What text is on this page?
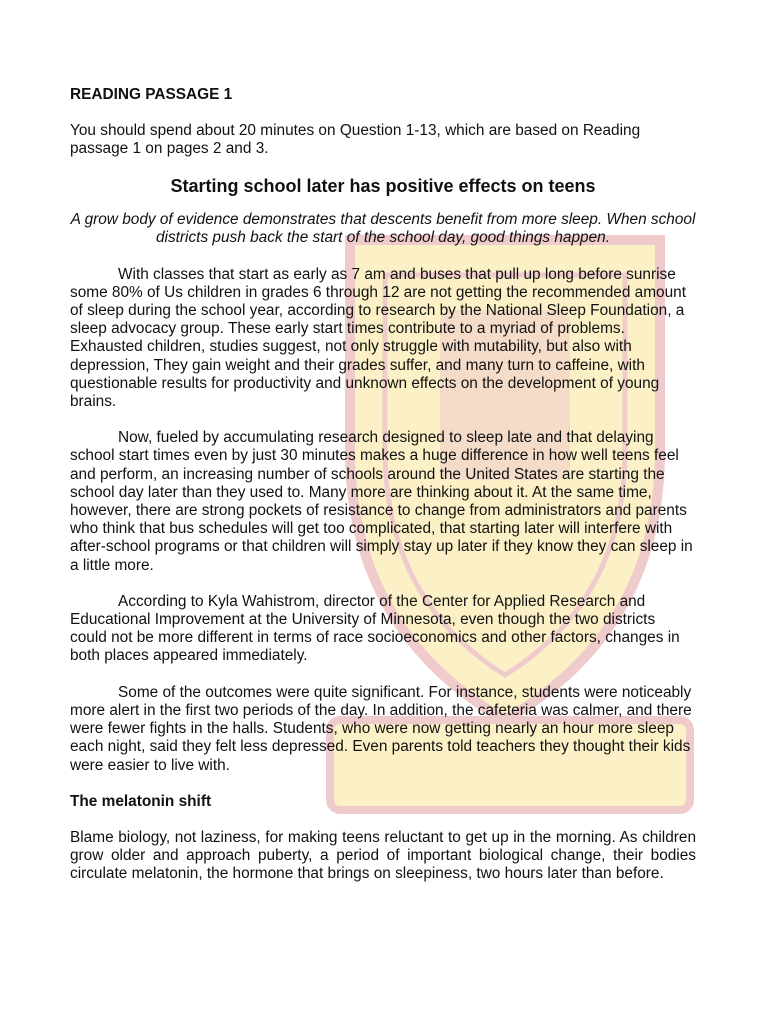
READING PASSAGE 1
You should spend about 20 minutes on Question 1-13, which are based on Reading passage 1 on pages 2 and 3.
Starting school later has positive effects on teens
A grow body of evidence demonstrates that descents benefit from more sleep. When school districts push back the start of the school day, good things happen.

With classes that start as early as 7 am and buses that pull up long before sunrise some 80% of Us children in grades 6 through 12 are not getting the recommended amount of sleep during the school year, according to research by the National Sleep Foundation, a sleep advocacy group. These early start times contribute to a myriad of problems. Exhausted children, studies suggest, not only struggle with mutability, but also with depression, They gain weight and their grades suffer, and many turn to caffeine, with questionable results for productivity and unknown effects on the development of young brains.

Now, fueled by accumulating research designed to sleep late and that delaying school start times even by just 30 minutes makes a huge difference in how well teens feel and perform, an increasing number of schools around the United States are starting the school day later than they used to. Many more are thinking about it. At the same time, however, there are strong pockets of resistance to change from administrators and parents who think that bus schedules will get too complicated, that starting later will interfere with after-school programs or that children will simply stay up later if they know they can sleep in a little more.

According to Kyla Wahistrom, director of the Center for Applied Research and Educational Improvement at the University of Minnesota, even though the two districts could not be more different in terms of race socioeconomics and other factors, changes in both places appeared immediately.

Some of the outcomes were quite significant. For instance, students were noticeably more alert in the first two periods of the day. In addition, the cafeteria was calmer, and there were fewer fights in the halls. Students, who were now getting nearly an hour more sleep each night, said they felt less depressed. Even parents told teachers they thought their kids were easier to live with.

The melatonin shift

Blame biology, not laziness, for making teens reluctant to get up in the morning. As children grow older and approach puberty, a period of important biological change, their bodies circulate melatonin, the hormone that brings on sleepiness, two hours later than before.
